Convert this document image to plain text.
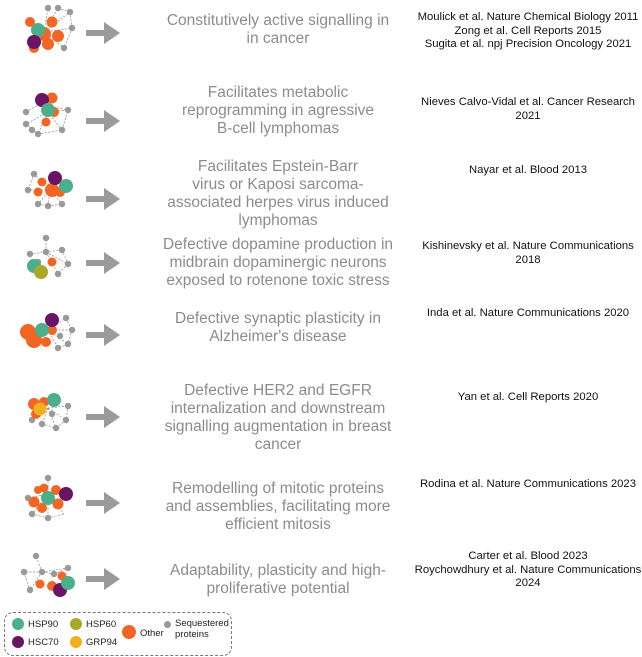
Constitutively active signalling in
in cancer
Moulick et al. Nature Chemical Biology 2011
Zong et al. Cell Reports 2015
Sugita et al. npj Precision Oncology 2021
Facilitates metabolic
reprogramming in agressive
B-cell lymphomas
Nieves Calvo-Vidal et al. Cancer Research 2021
Facilitates Epstein-Barr
virus or Kaposi sarcoma-
associated herpes virus induced
lymphomas
Nayar et al. Blood 2013
Defective dopamine production in
midbrain dopaminergic neurons
exposed to rotenone toxic stress
Kishinevsky et al. Nature Communications 2018
Defective synaptic plasticity in
Alzheimer's disease
Inda et al. Nature Communications 2020
Defective HER2 and EGFR
internalization and downstream
signalling augmentation in breast
cancer
Yan et al. Cell Reports 2020
Remodelling of mitotic proteins
and assemblies, facilitating more
efficient mitosis
Rodina et al. Nature Communications 2023
Adaptability, plasticity and high-
proliferative potential
Carter et al. Blood 2023
Roychowdhury et al. Nature Communications
2024
HSP90	HSP60
HSC70	GRP94
Other
Sequestered
proteins
